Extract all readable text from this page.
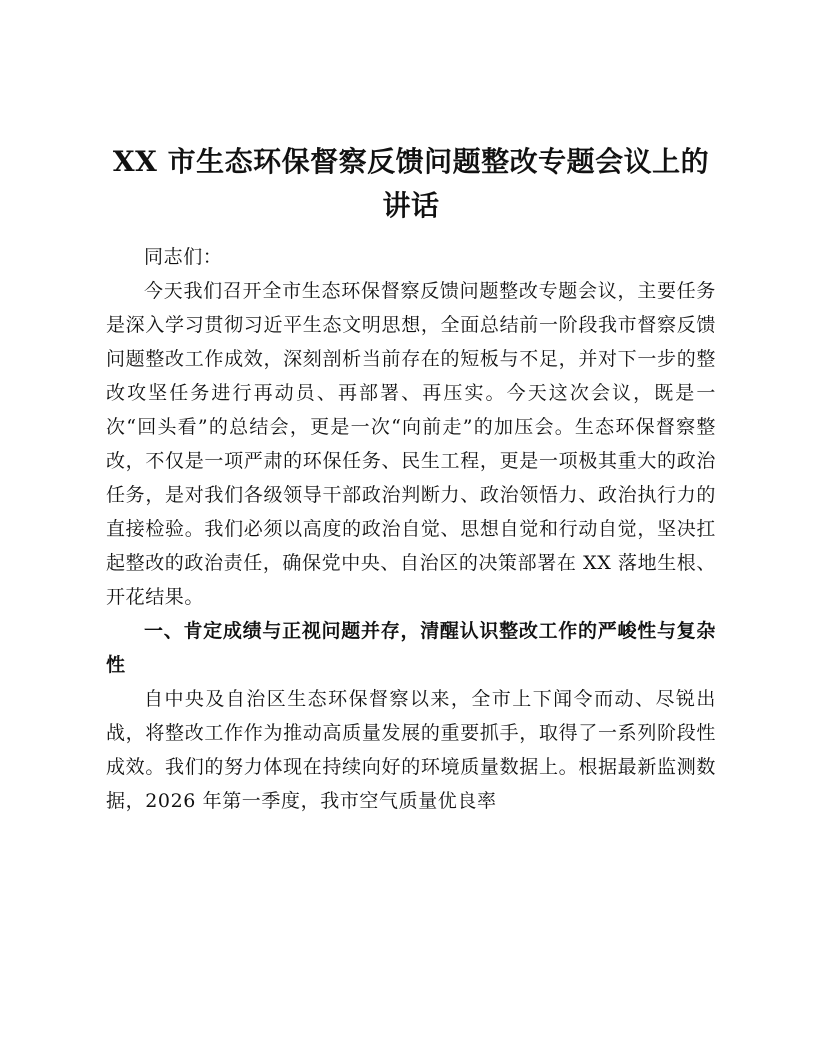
XX 市生态环保督察反馈问题整改专题会议上的讲话

同志们：

今天我们召开全市生态环保督察反馈问题整改专题会议，主要任务是深入学习贯彻习近平生态文明思想，全面总结前一阶段我市督察反馈问题整改工作成效，深刻剖析当前存在的短板与不足，并对下一步的整改攻坚任务进行再动员、再部署、再压实。今天这次会议，既是一次“回头看”的总结会，更是一次“向前走”的加压会。生态环保督察整改，不仅是一项严肃的环保任务、民生工程，更是一项极其重大的政治任务，是对我们各级领导干部政治判断力、政治领悟力、政治执行力的直接检验。我们必须以高度的政治自觉、思想自觉和行动自觉，坚决扛起整改的政治责任，确保党中央、自治区的决策部署在 XX 落地生根、开花结果。

一、肯定成绩与正视问题并存，清醒认识整改工作的严峻性与复杂性

自中央及自治区生态环保督察以来，全市上下闻令而动、尽锐出战，将整改工作作为推动高质量发展的重要抓手，取得了一系列阶段性成效。我们的努力体现在持续向好的环境质量数据上。根据最新监测数据，2026 年第一季度，我市空气质量优良率
